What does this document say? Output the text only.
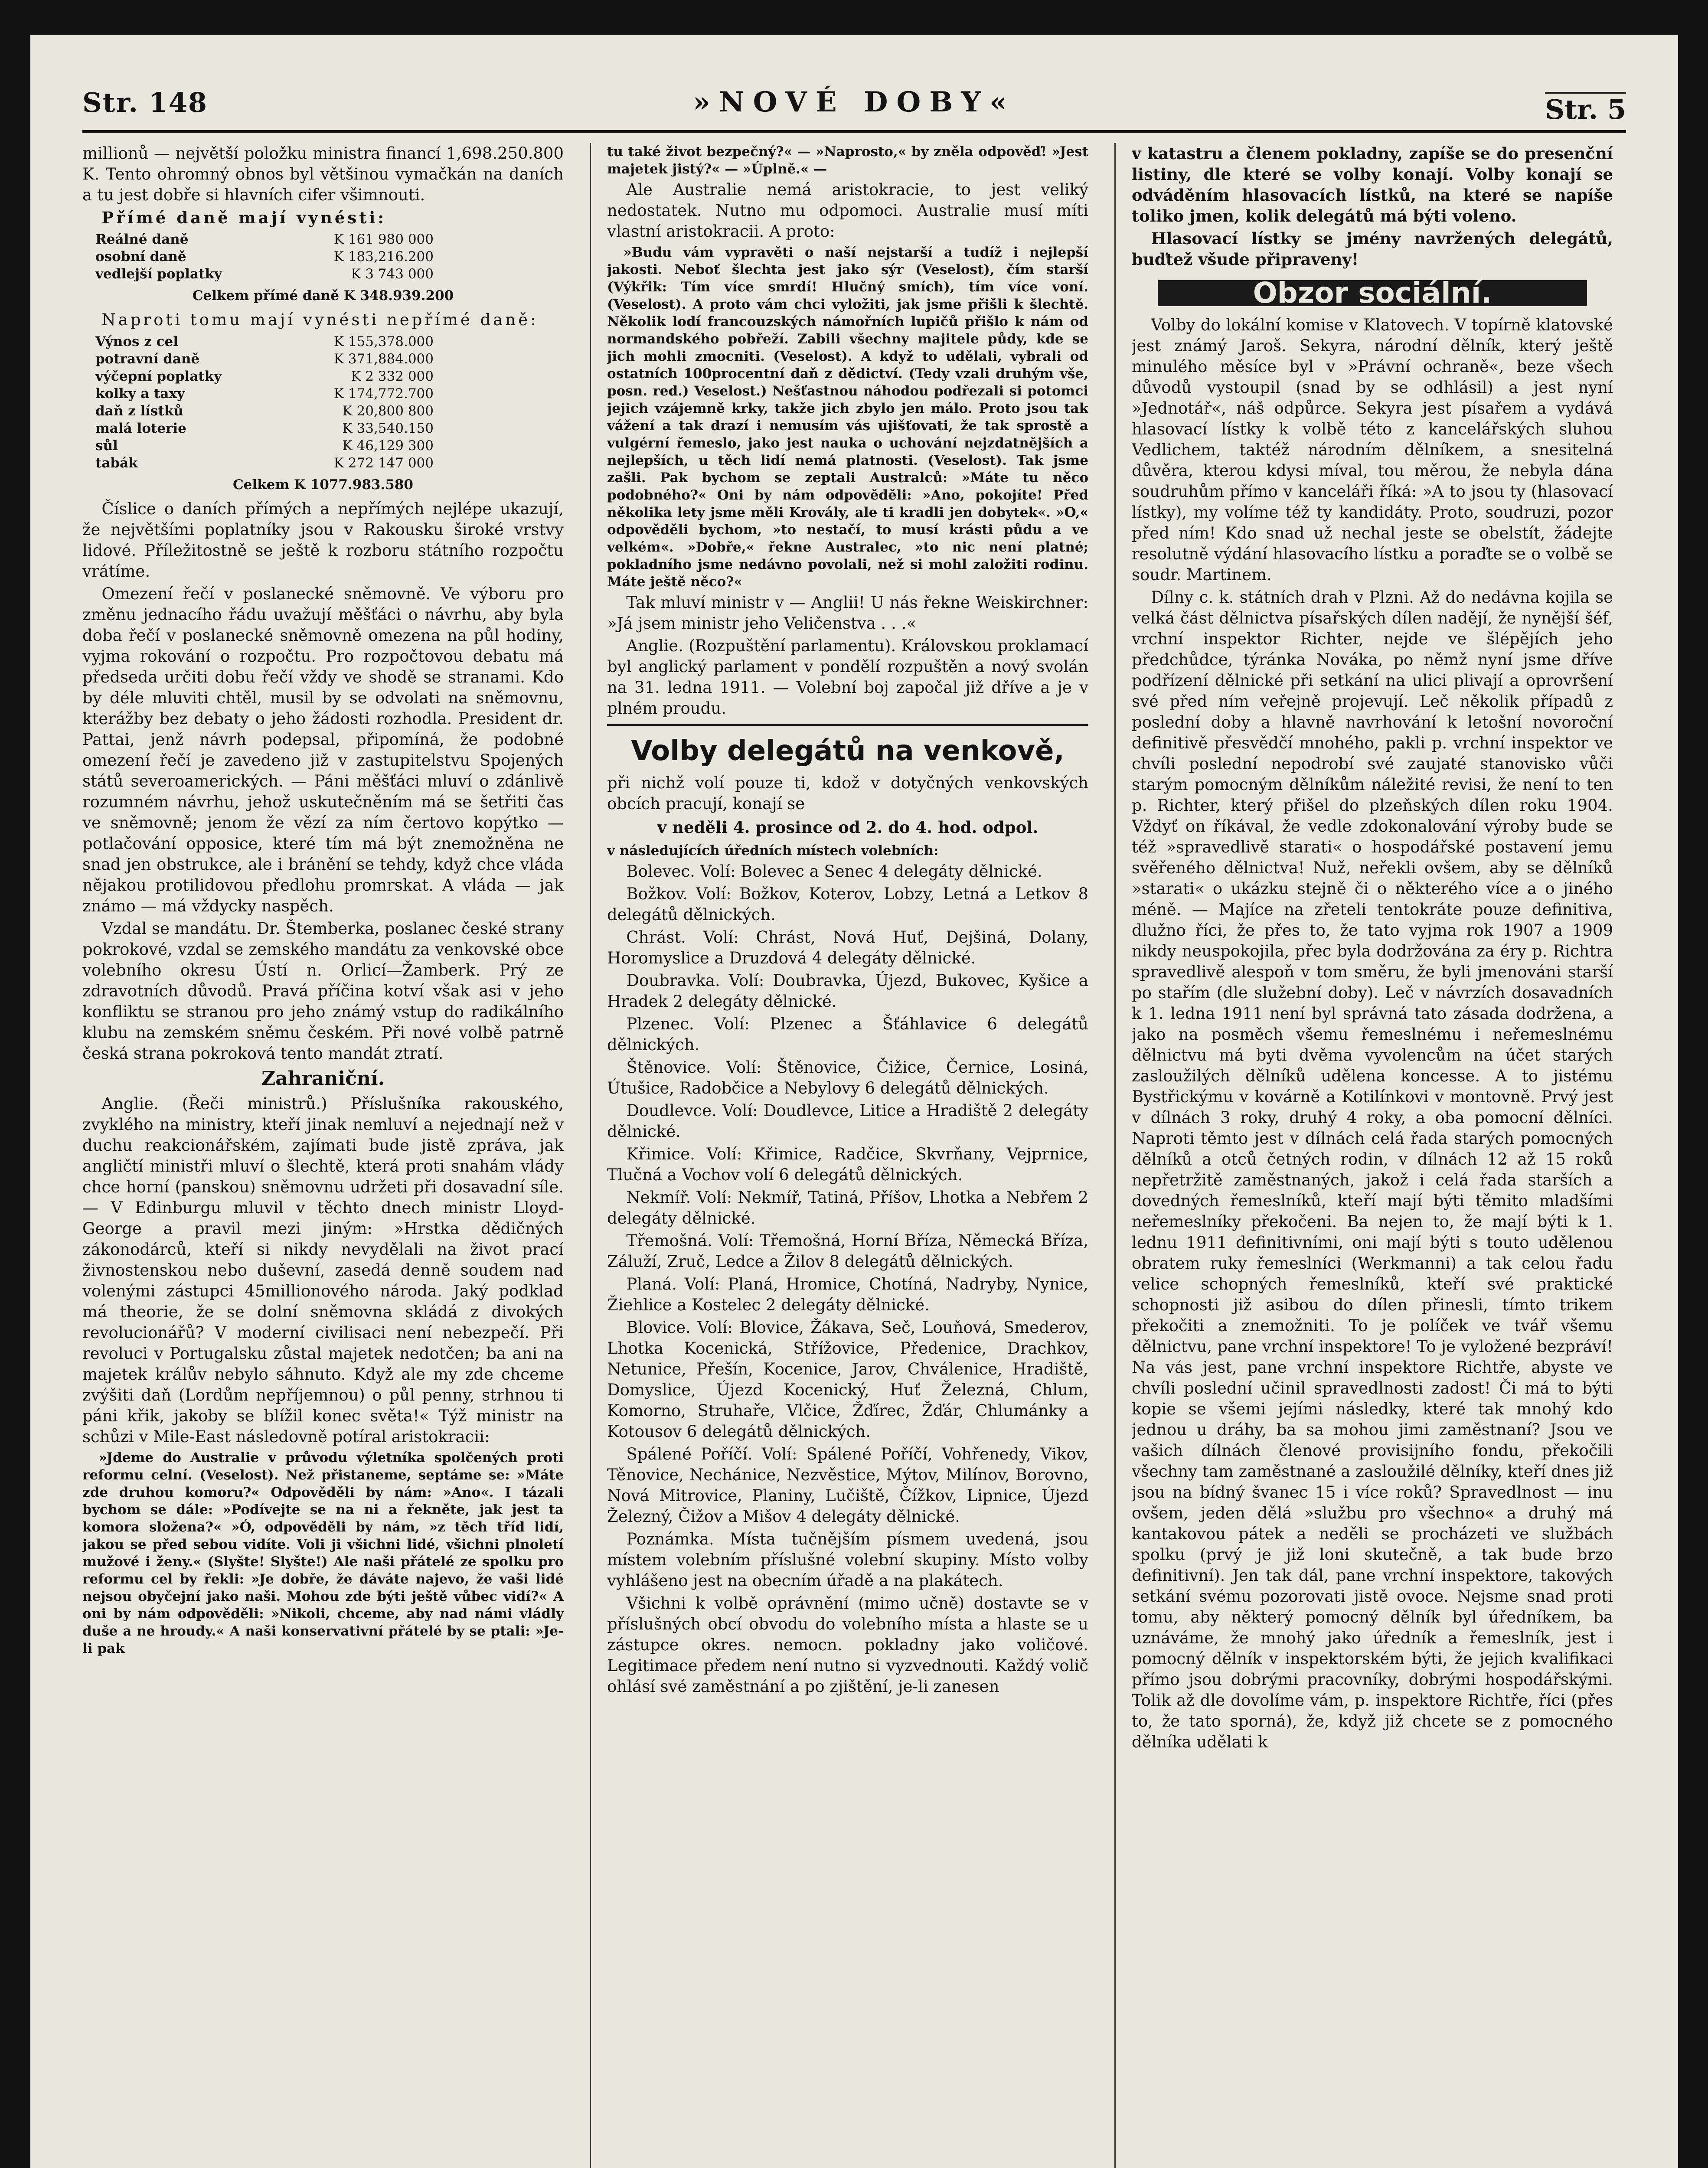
Str. 148	»NOVÉ DOBY«	Str. 5

millionů — největší položku ministra financí 1,698.250.800 K. Tento ohromný obnos byl většinou vymačkán na daních a tu jest dobře si hlavních cifer všimnouti.

Přímé daně mají vynésti:

Reálné daně	K 161 980 000
osobní daně	K 183,216.200
vedlejší poplatky	K 3 743 000
Celkem přímé daně K 348.939.200

Naproti tomu mají vynésti nepřímé daně:

Výnos z cel	K 155,378.000
potravní daně	K 371,884.000
výčepní poplatky	K 2 332 000
kolky a taxy	K 174,772.700
daň z lístků	K 20,800 800
malá loterie	K 33,540.150
sůl	K 46,129 300
tabák	K 272 147 000
Celkem K 1077.983.580

Číslice o daních přímých a nepřímých nejlépe ukazují, že největšími poplatníky jsou v Rakousku široké vrstvy lidové. Příležitostně se ještě k rozboru státního rozpočtu vrátíme.

Omezení řečí v poslanecké sněmovně. Ve výboru pro změnu jednacího řádu uvažují měšťáci o návrhu, aby byla doba řečí v poslanecké sněmovně omezena na půl hodiny, vyjma rokování o rozpočtu. Pro rozpočtovou debatu má předseda určiti dobu řečí vždy ve shodě se stranami. Kdo by déle mluviti chtěl, musil by se odvolati na sněmovnu, kterážby bez debaty o jeho žádosti rozhodla. President dr. Pattai, jenž návrh podepsal, připomíná, že podobné omezení řečí je zavedeno již v zastupitelstvu Spojených států severoamerických. — Páni měšťáci mluví o zdánlivě rozumném návrhu, jehož uskutečněním má se šetřiti čas ve sněmovně; jenom že vězí za ním čertovo kopýtko — potlačování opposice, které tím má být znemožněna ne snad jen obstrukce, ale i bránění se tehdy, když chce vláda nějakou protilidovou předlohu promrskat. A vláda — jak známo — má vždycky naspěch.

Vzdal se mandátu. Dr. Štemberka, poslanec české strany pokrokové, vzdal se zemského mandátu za venkovské obce volebního okresu Ústí n. Orlicí—Žamberk. Prý ze zdravotních důvodů. Pravá příčina kotví však asi v jeho konfliktu se stranou pro jeho známý vstup do radikálního klubu na zemském sněmu českém. Při nové volbě patrně česká strana pokroková tento mandát ztratí.

Zahraniční.

Anglie. (Řeči ministrů.) Příslušníka rakouského, zvyklého na ministry, kteří jinak nemluví a nejednají než v duchu reakcionářském, zajímati bude jistě zpráva, jak angličtí ministři mluví o šlechtě, která proti snahám vlády chce horní (panskou) sněmovnu udržeti při dosavadní síle. — V Edinburgu mluvil v těchto dnech ministr Lloyd-George a pravil mezi jiným: »Hrstka dědičných zákonodárců, kteří si nikdy nevydělali na život prací živnostenskou nebo duševní, zasedá denně soudem nad volenými zástupci 45millionového národa. Jaký podklad má theorie, že se dolní sněmovna skládá z divokých revolucionářů? V moderní civilisaci není nebezpečí. Při revoluci v Portugalsku zůstal majetek nedotčen; ba ani na majetek králův nebylo sáhnuto. Když ale my zde chceme zvýšiti daň (Lordům nepříjemnou) o půl penny, strhnou ti páni křik, jakoby se blížil konec světa!« Týž ministr na schůzi v Mile-East následovně potíral aristokracii:

»Jdeme do Australie v průvodu výletníka spolčených proti reformu celní. (Veselost). Než přistaneme, septáme se: »Máte zde druhou komoru?« Odpověděli by nám: »Ano«. I tázali bychom se dále: »Podívejte se na ni a řekněte, jak jest ta komora složena?« »Ó, odpověděli by nám, »z těch tříd lidí, jakou se před sebou vidíte. Voli ji všichni lidé, všichni plnoletí mužové i ženy.« (Slyšte! Slyšte!) Ale naši přátelé ze spolku pro reformu cel by řekli: »Je dobře, že dáváte najevo, že vaši lidé nejsou obyčejní jako naši. Mohou zde býti ještě vůbec vidí?« A oni by nám odpověděli: »Nikoli, chceme, aby nad námi vládly duše a ne hroudy.« A naši konservativní přátelé by se ptali: »Je-li pak

tu také život bezpečný?« — »Naprosto,« by zněla odpověď! »Jest majetek jistý?« — »Úplně.« —

Ale Australie nemá aristokracie, to jest veliký nedostatek. Nutno mu odpomoci. Australie musí míti vlastní aristokracii. A proto:

»Budu vám vypravěti o naší nejstarší a tudíž i nejlepší jakosti. Neboť šlechta jest jako sýr (Veselost), čím starší (Výkřik: Tím více smrdí! Hlučný smích), tím více voní. (Veselost). A proto vám chci vyložiti, jak jsme přišli k šlechtě. Několik lodí francouzských námořních lupičů přišlo k nám od normandského pobřeží. Zabili všechny majitele půdy, kde se jich mohli zmocniti. (Veselost). A když to udělali, vybrali od ostatních 100procentní daň z dědictví. (Tedy vzali druhým vše, posn. red.) Veselost.) Nešťastnou náhodou podřezali si potomci jejich vzájemně krky, takže jich zbylo jen málo. Proto jsou tak vážení a tak drazí i nemusím vás ujišťovati, že tak sprostě a vulgérní řemeslo, jako jest nauka o uchování nejzdatnějších a nejlepších, u těch lidí nemá platnosti. (Veselost). Tak jsme zašli. Pak bychom se zeptali Australců: »Máte tu něco podobného?« Oni by nám odpověděli: »Ano, pokojíte! Před několika lety jsme měli Krovály, ale ti kradli jen dobytek«. »O,« odpověděli bychom, »to nestačí, to musí krásti půdu a ve velkém«. »Dobře,« řekne Australec, »to nic není platné; pokladního jsme nedávno povolali, než si mohl založiti rodinu. Máte ještě něco?«

Tak mluví ministr v — Anglii! U nás řekne Weiskirchner: »Já jsem ministr jeho Veličenstva . . .«

Anglie. (Rozpuštění parlamentu). Královskou proklamací byl anglický parlament v pondělí rozpuštěn a nový svolán na 31. ledna 1911. — Volební boj započal již dříve a je v plném proudu.

Volby delegátů na venkově,

při nichž volí pouze ti, kdož v dotyčných venkovských obcích pracují, konají se

v neděli 4. prosince od 2. do 4. hod. odpol.

v následujících úředních místech volebních:

Bolevec. Volí: Bolevec a Senec 4 delegáty dělnické.

Božkov. Volí: Božkov, Koterov, Lobzy, Letná a Letkov 8 delegátů dělnických.

Chrást. Volí: Chrást, Nová Huť, Dejšiná, Dolany, Horomyslice a Druzdová 4 delegáty dělnické.

Doubravka. Volí: Doubravka, Újezd, Bukovec, Kyšice a Hradek 2 delegáty dělnické.

Plzenec. Volí: Plzenec a Šťáhlavice 6 delegátů dělnických.

Štěnovice. Volí: Štěnovice, Čižice, Černice, Losiná, Útušice, Radobčice a Nebylovy 6 delegátů dělnických.

Doudlevce. Volí: Doudlevce, Litice a Hradiště 2 delegáty dělnické.

Křimice. Volí: Křimice, Radčice, Skvrňany, Vejprnice, Tlučná a Vochov volí 6 delegátů dělnických.

Nekmíř. Volí: Nekmíř, Tatiná, Příšov, Lhotka a Nebřem 2 delegáty dělnické.

Třemošná. Volí: Třemošná, Horní Bříza, Německá Bříza, Záluží, Zruč, Ledce a Žilov 8 delegátů dělnických.

Planá. Volí: Planá, Hromice, Chotíná, Nadryby, Nynice, Žiehlice a Kostelec 2 delegáty dělnické.

Blovice. Volí: Blovice, Žákava, Seč, Louňová, Smederov, Lhotka Kocenická, Střížovice, Předenice, Drachkov, Netunice, Přešín, Kocenice, Jarov, Chválenice, Hradiště, Domyslice, Újezd Kocenický, Huť Železná, Chlum, Komorno, Struhaře, Vlčice, Žďírec, Žďár, Chlumánky a Kotousov 6 delegátů dělnických.

Spálené Poříčí. Volí: Spálené Poříčí, Vohřenedy, Vikov, Těnovice, Nechánice, Nezvěstice, Mýtov, Milínov, Borovno, Nová Mitrovice, Planiny, Lučiště, Čížkov, Lipnice, Újezd Železný, Čižov a Mišov 4 delegáty dělnické.

Poznámka. Místa tučnějším písmem uvedená, jsou místem volebním příslušné volební skupiny. Místo volby vyhlášeno jest na obecním úřadě a na plakátech.

Všichni k volbě oprávnění (mimo učně) dostavte se v příslušných obcí obvodu do volebního místa a hlaste se u zástupce okres. nemocn. pokladny jako voličové. Legitimace předem není nutno si vyzvednouti. Každý volič ohlásí své zaměstnání a po zjištění, je-li zanesen

v katastru a členem pokladny, zapíše se do presenční listiny, dle které se volby konají. Volby konají se odváděním hlasovacích lístků, na které se napíše toliko jmen, kolik delegátů má býti voleno.

Hlasovací lístky se jmény navržených delegátů, buďtež všude připraveny!

Obzor sociální.

Volby do lokální komise v Klatovech. V topírně klatovské jest známý Jaroš. Sekyra, národní dělník, který ještě minulého měsíce byl v »Právní ochraně«, beze všech důvodů vystoupil (snad by se odhlásil) a jest nyní »Jednotář«, náš odpůrce. Sekyra jest písařem a vydává hlasovací lístky k volbě této z kancelářských sluhou Vedlichem, taktéž národním dělníkem, a snesitelná důvěra, kterou kdysi míval, tou měrou, že nebyla dána soudruhům přímo v kanceláři říká: »A to jsou ty (hlasovací lístky), my volíme též ty kandidáty. Proto, soudruzi, pozor před ním! Kdo snad už nechal jeste se obelstít, žádejte resolutně výdání hlasovacího lístku a poraďte se o volbě se soudr. Martinem.

Dílny c. k. státních drah v Plzni. Až do nedávna kojila se velká část dělnictva písařských dílen nadějí, že nynější šéf, vrchní inspektor Richter, nejde ve šlépějích jeho předchůdce, týránka Nováka, po němž nyní jsme dříve podřízení dělnické při setkání na ulici plivají a oprovršení své před ním veřejně projevují. Leč několik případů z poslední doby a hlavně navrhování k letošní novoroční definitivě přesvědčí mnohého, pakli p. vrchní inspektor ve chvíli poslední nepodrobí své zaujaté stanovisko vůči starým pomocným dělníkům náležité revisi, že není to ten p. Richter, který přišel do plzeňských dílen roku 1904. Vždyť on říkával, že vedle zdokonalování výroby bude se též »spravedlivě starati« o hospodářské postavení jemu svěřeného dělnictva! Nuž, neřekli ovšem, aby se dělníků »starati« o ukázku stejně či o některého více a o jiného méně. — Majíce na zřeteli tentokráte pouze definitiva, dlužno říci, že přes to, že tato vyjma rok 1907 a 1909 nikdy neuspokojila, přec byla dodržována za éry p. Richtra spravedlivě alespoň v tom směru, že byli jmenováni starší po stařím (dle služební doby). Leč v návrzích dosavadních k 1. ledna 1911 není byl správná tato zásada dodržena, a jako na posměch všemu řemeslnému i neřemeslnému dělnictvu má byti dvěma vyvolencům na účet starých zasloužilých dělníků udělena koncesse. A to jistému Bystřickýmu v kovárně a Kotilínkovi v montovně. Prvý jest v dílnách 3 roky, druhý 4 roky, a oba pomocní dělníci. Naproti těmto jest v dílnách celá řada starých pomocných dělníků a otců četných rodin, v dílnách 12 až 15 roků nepřetržitě zaměstnaných, jakož i celá řada starších a dovedných řemeslníků, kteří mají býti těmito mladšími neřemeslníky překočeni. Ba nejen to, že mají býti k 1. lednu 1911 definitivními, oni mají býti s touto udělenou obratem ruky řemeslníci (Werkmanni) a tak celou řadu velice schopných řemeslníků, kteří své praktické schopnosti již asibou do dílen přinesli, tímto trikem překočiti a znemožniti. To je políček ve tvář všemu dělnictvu, pane vrchní inspektore! To je vyložené bezpráví! Na vás jest, pane vrchní inspektore Richtře, abyste ve chvíli poslední učinil spravedlnosti zadost! Či má to býti kopie se všemi jejími následky, které tak mnohý kdo jednou u dráhy, ba sa mohou jimi zaměstnaní? Jsou ve vašich dílnách členové provisijního fondu, překočili všechny tam zaměstnané a zasloužilé dělníky, kteří dnes již jsou na bídný švanec 15 i více roků? Spravedlnost — inu ovšem, jeden dělá »službu pro všechno« a druhý má kantakovou pátek a neděli se procházeti ve službách spolku (prvý je již loni skutečně, a tak bude brzo definitivní). Jen tak dál, pane vrchní inspektore, takových setkání svému pozorovati jistě ovoce. Nejsme snad proti tomu, aby některý pomocný dělník byl úředníkem, ba uznáváme, že mnohý jako úředník a řemeslník, jest i pomocný dělník v inspektorském býti, že jejich kvalifikaci přímo jsou dobrými pracovníky, dobrými hospodářskými. Tolik až dle dovolíme vám, p. inspektore Richtře, říci (přes to, že tato sporná), že, když již chcete se z pomocného dělníka udělati k
